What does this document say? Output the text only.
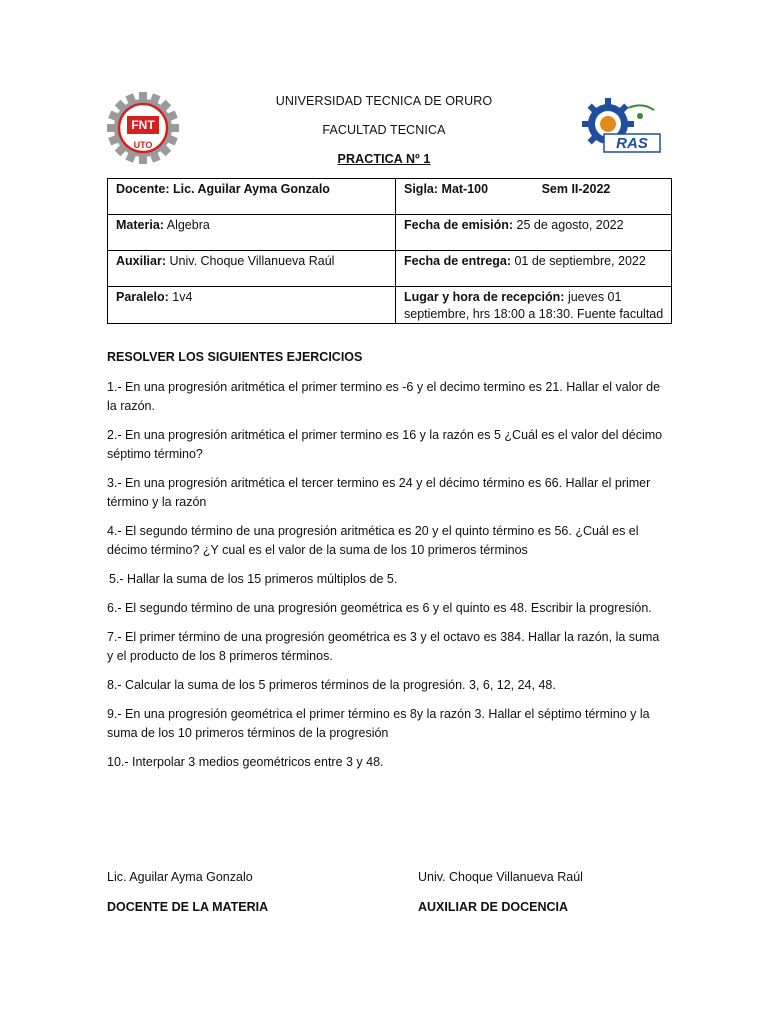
FNT
UTO	RAS
UNIVERSIDAD TECNICA DE ORURO
FACULTAD TECNICA
PRACTICA Nº 1
Docente: Lic. Aguilar Ayma Gonzalo	Sigla: Mat-100 Sem II-2022
Materia: Algebra	Fecha de emisión: 25 de agosto, 2022
Auxiliar: Univ. Choque Villanueva Raúl	Fecha de entrega: 01 de septiembre, 2022
Paralelo: 1v4	Lugar y hora de recepción: jueves 01 septiembre, hrs 18:00 a 18:30. Fuente facultad
RESOLVER LOS SIGUIENTES EJERCICIOS

1.- En una progresión aritmética el primer termino es -6 y el decimo termino es 21. Hallar el valor de la razón.

2.- En una progresión aritmética el primer termino es 16 y la razón es 5 ¿Cuál es el valor del décimo séptimo término?

3.- En una progresión aritmética el tercer termino es 24 y el décimo término es 66. Hallar el primer término y la razón

4.- El segundo término de una progresión aritmética es 20 y el quinto término es 56. ¿Cuál es el décimo término? ¿Y cual es el valor de la suma de los 10 primeros términos

5.- Hallar la suma de los 15 primeros múltiplos de 5.

6.- El segundo término de una progresión geométrica es 6 y el quinto es 48. Escribir la progresión.

7.- El primer término de una progresión geométrica es 3 y el octavo es 384. Hallar la razón, la suma y el producto de los 8 primeros términos.

8.- Calcular la suma de los 5 primeros términos de la progresión. 3, 6, 12, 24, 48.

9.- En una progresión geométrica el primer término es 8y la razón 3. Hallar el séptimo término y la suma de los 10 primeros términos de la progresión

10.- Interpolar 3 medios geométricos entre 3 y 48.

Lic. Aguilar Ayma Gonzalo	Univ. Choque Villanueva Raúl
DOCENTE DE LA MATERIA	AUXILIAR DE DOCENCIA
